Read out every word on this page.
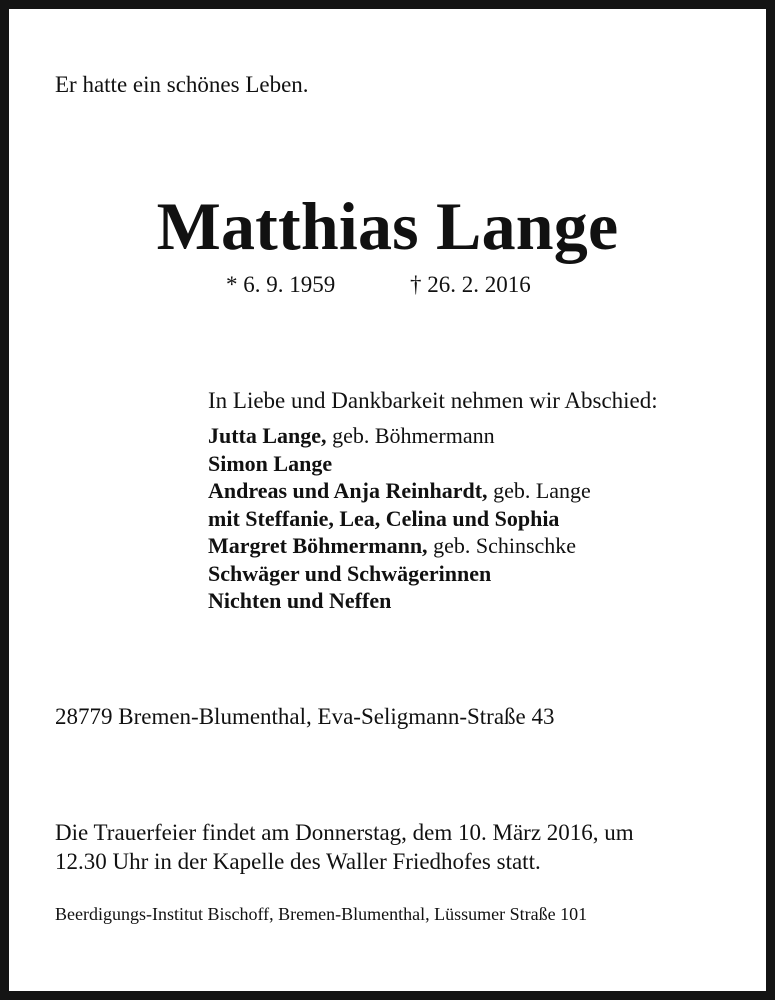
Er hatte ein schönes Leben.
Matthias Lange
* 6. 9. 1959	† 26. 2. 2016
In Liebe und Dankbarkeit nehmen wir Abschied:
Jutta Lange, geb. Böhmermann
Simon Lange
Andreas und Anja Reinhardt, geb. Lange
mit Steffanie, Lea, Celina und Sophia
Margret Böhmermann, geb. Schinschke
Schwäger und Schwägerinnen
Nichten und Neffen
28779 Bremen-Blumenthal, Eva-Seligmann-Straße 43
Die Trauerfeier findet am Donnerstag, dem 10. März 2016, um
12.30 Uhr in der Kapelle des Waller Friedhofes statt.
Beerdigungs-Institut Bischoff, Bremen-Blumenthal, Lüssumer Straße 101
